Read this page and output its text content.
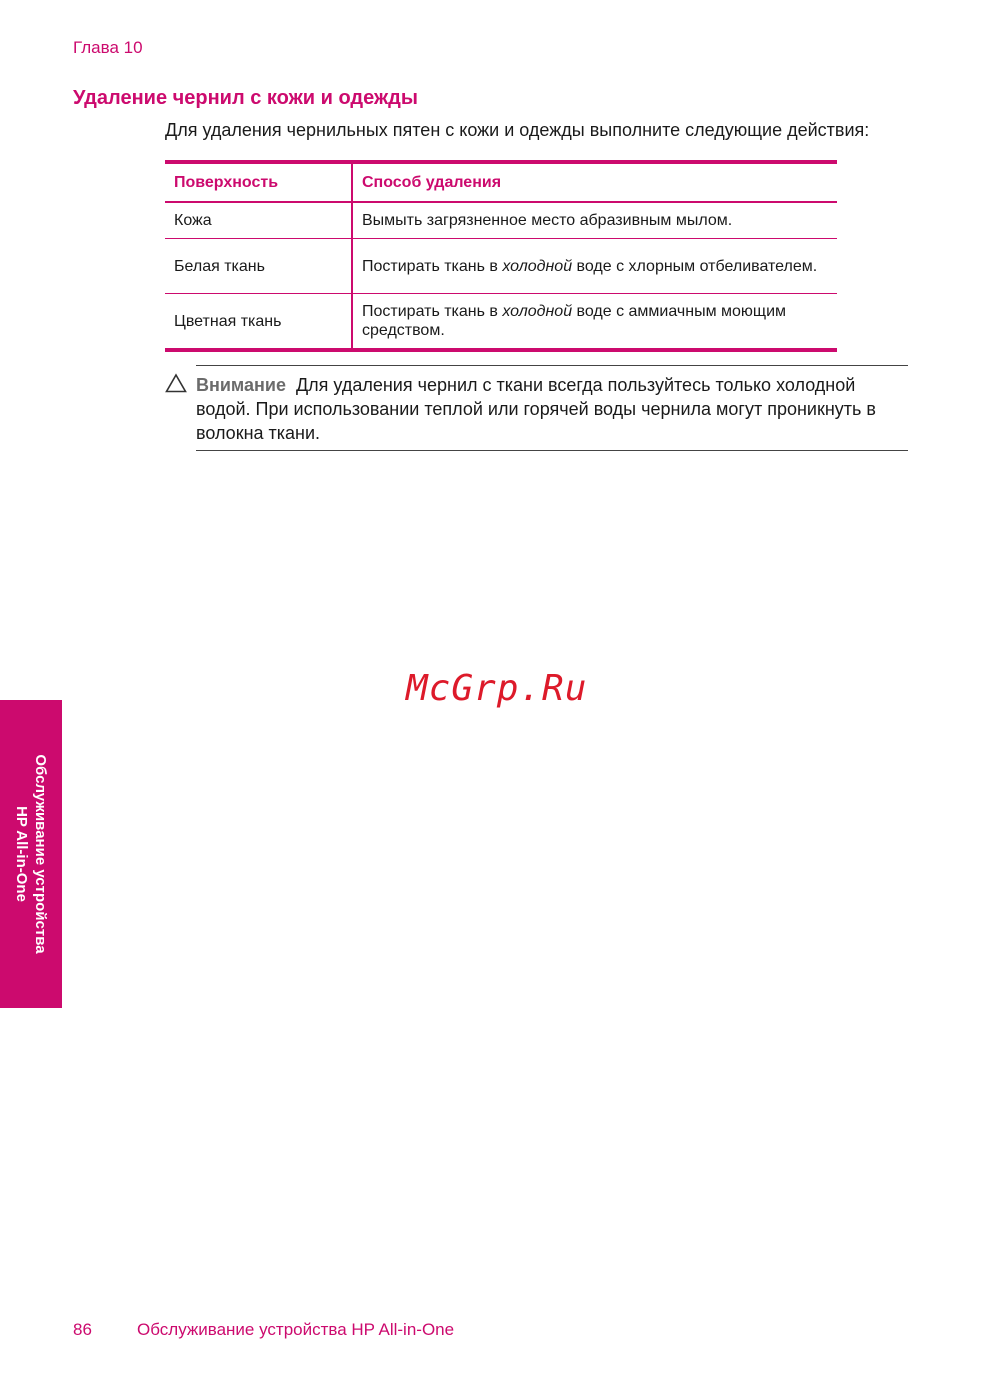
Глава 10
Удаление чернил с кожи и одежды

Для удаления чернильных пятен с кожи и одежды выполните следующие действия:

Поверхность	Способ удаления
Кожа	Вымыть загрязненное место абразивным мылом.
Белая ткань	Постирать ткань в холодной воде с хлорным отбеливателем.
Цветная ткань	Постирать ткань в холодной воде с аммиачным моющим средством.

Внимание Для удаления чернил с ткани всегда пользуйтесь только холодной водой. При использовании теплой или горячей воды чернила могут проникнуть в волокна ткани.

McGrp.Ru
Обслуживание устройства
HP All-in-One
86	Обслуживание устройства HP All-in-One
